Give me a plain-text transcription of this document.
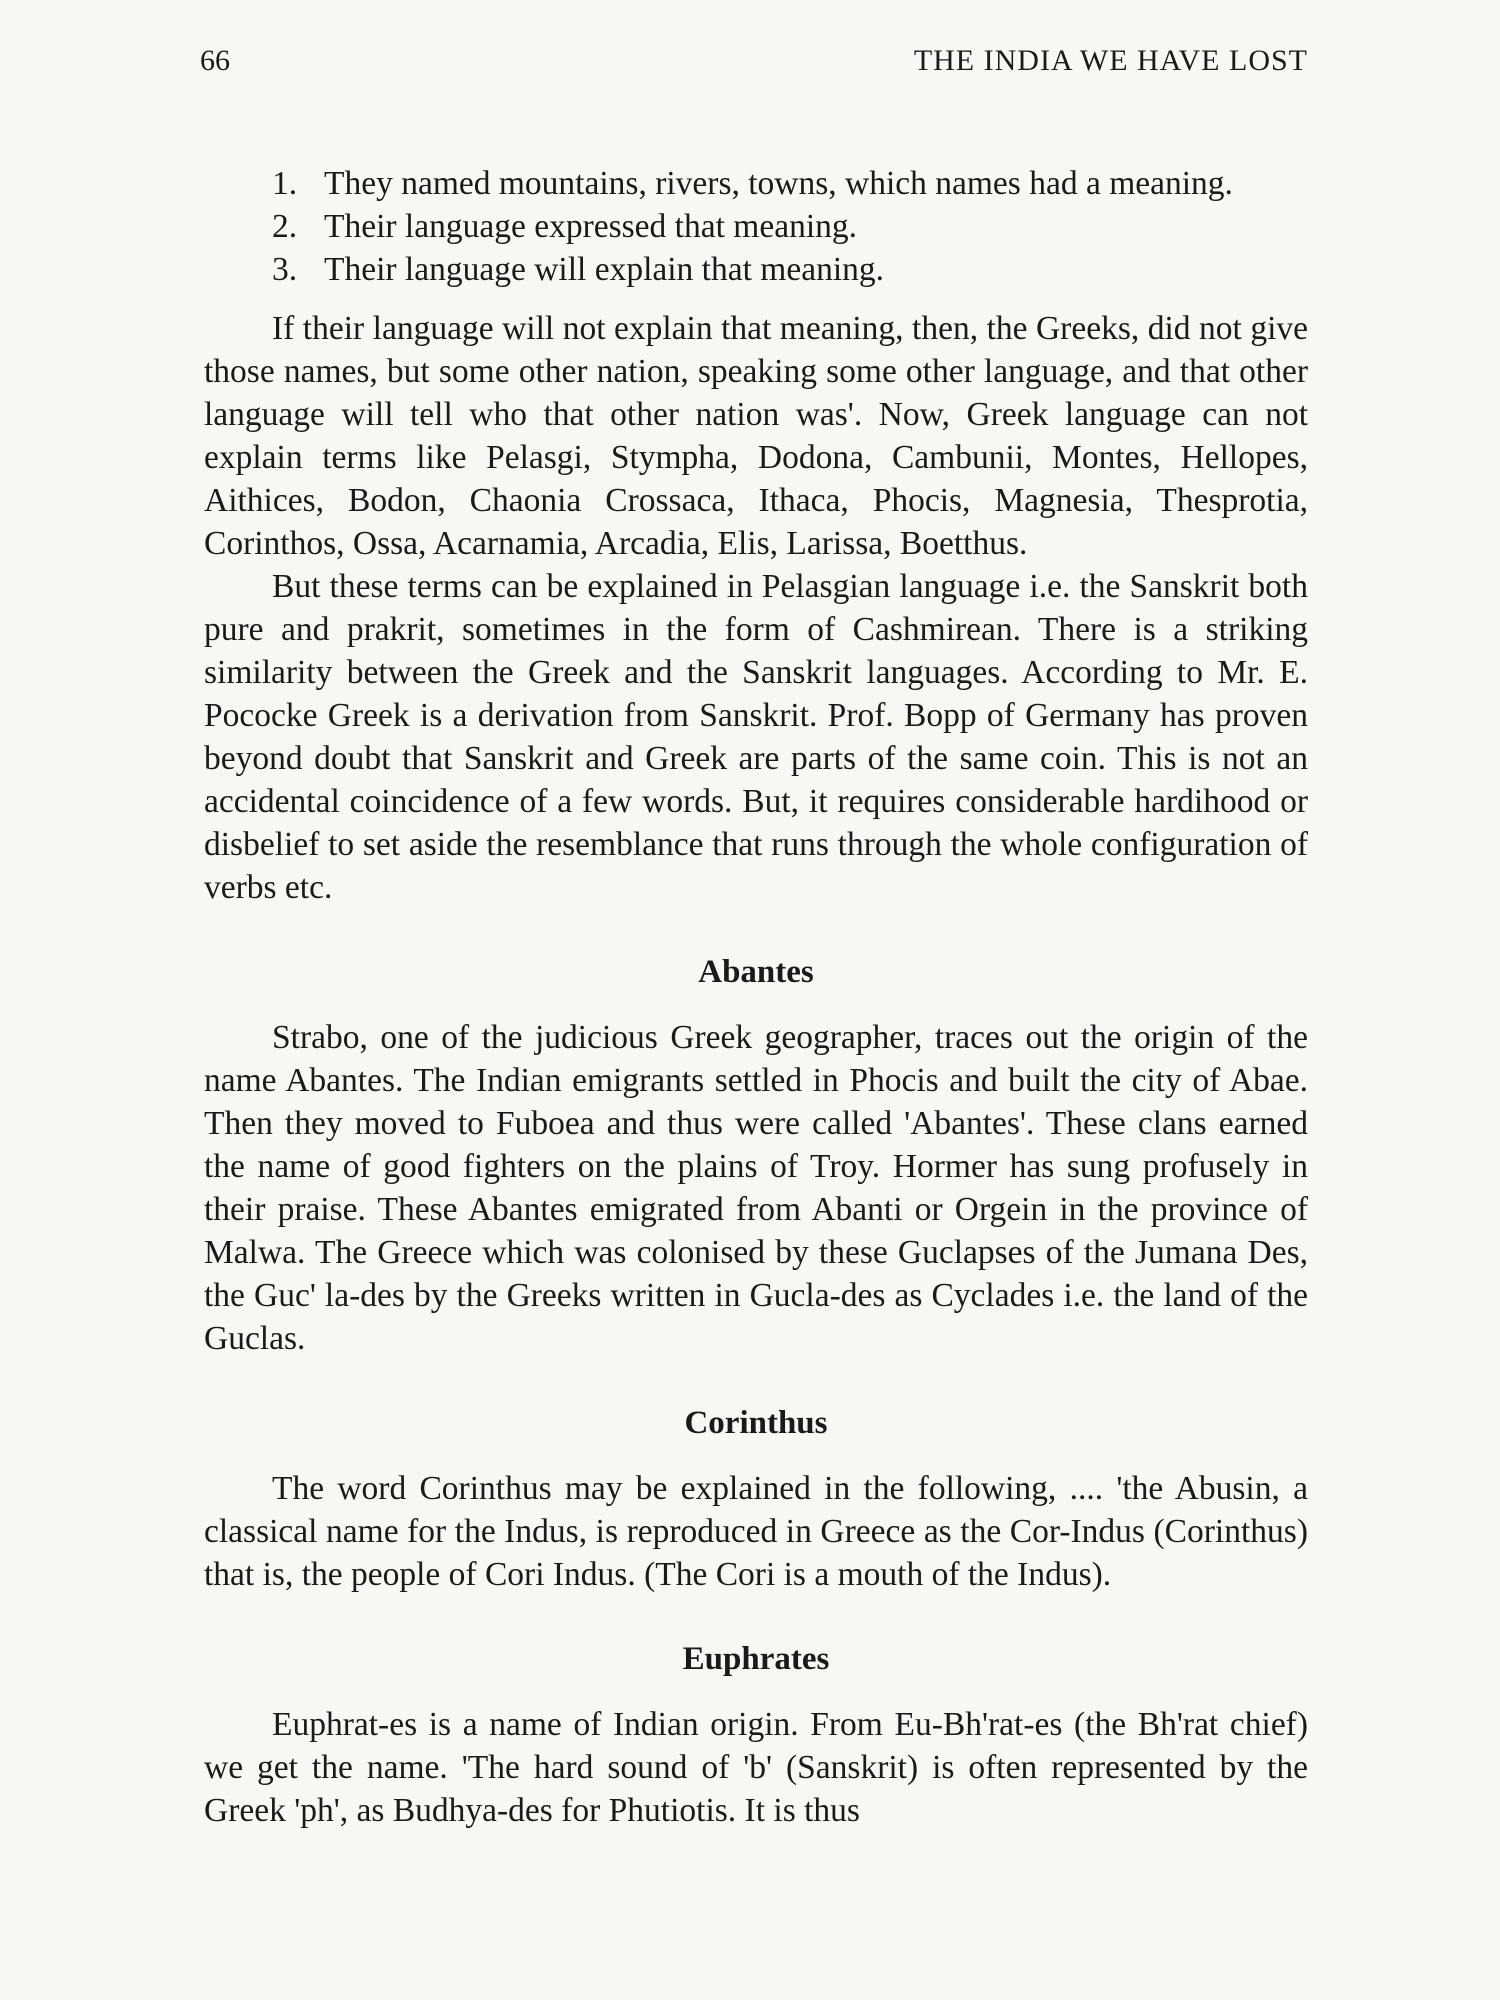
66	THE INDIA WE HAVE LOST

1. They named mountains, rivers, towns, which names had a meaning.

2. Their language expressed that meaning.

3. Their language will explain that meaning.

If their language will not explain that meaning, then, the Greeks, did not give those names, but some other nation, speaking some other language, and that other language will tell who that other nation was'. Now, Greek language can not explain terms like Pelasgi, Stympha, Dodona, Cambunii, Montes, Hellopes, Aithices, Bodon, Chaonia Crossaca, Ithaca, Phocis, Magnesia, Thesprotia, Corinthos, Ossa, Acarnamia, Arcadia, Elis, Larissa, Boetthus.

But these terms can be explained in Pelasgian language i.e. the Sanskrit both pure and prakrit, sometimes in the form of Cashmirean. There is a striking similarity between the Greek and the Sanskrit languages. According to Mr. E. Pococke Greek is a derivation from Sanskrit. Prof. Bopp of Germany has proven beyond doubt that Sanskrit and Greek are parts of the same coin. This is not an accidental coincidence of a few words. But, it requires considerable hardihood or disbelief to set aside the resemblance that runs through the whole configuration of verbs etc.

Abantes

Strabo, one of the judicious Greek geographer, traces out the origin of the name Abantes. The Indian emigrants settled in Phocis and built the city of Abae. Then they moved to Fuboea and thus were called 'Abantes'. These clans earned the name of good fighters on the plains of Troy. Hormer has sung profusely in their praise. These Abantes emigrated from Abanti or Orgein in the province of Malwa. The Greece which was colonised by these Guclapses of the Jumana Des, the Guc' la-des by the Greeks written in Gucla-des as Cyclades i.e. the land of the Guclas.

Corinthus

The word Corinthus may be explained in the following, .... 'the Abusin, a classical name for the Indus, is reproduced in Greece as the Cor-Indus (Corinthus) that is, the people of Cori Indus. (The Cori is a mouth of the Indus).

Euphrates

Euphrat-es is a name of Indian origin. From Eu-Bh'rat-es (the Bh'rat chief) we get the name. 'The hard sound of 'b' (Sanskrit) is often represented by the Greek 'ph', as Budhya-des for Phutiotis. It is thus
